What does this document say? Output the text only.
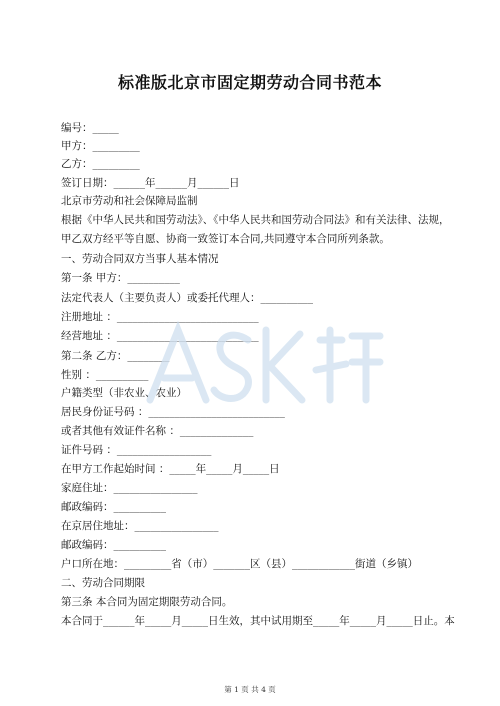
标准版北京市固定期劳动合同书范本
编号：_____
甲方：_________
乙方：_________
签订日期：______年______月______日
北京市劳动和社会保障局监制
根据《中华人民共和国劳动法》、《中华人民共和国劳动合同法》和有关法律、法规，
甲乙双方经平等自愿、协商一致签订本合同,共同遵守本合同所列条款。
一、劳动合同双方当事人基本情况
第一条 甲方：__________
法定代表人（主要负责人）或委托代理人：__________
注册地址 ：___________________________
经营地址 ：___________________________
第二条 乙方：________
性别 ：__________
户籍类型（非农业、农业）
居民身份证号码 ：__________________________
或者其他有效证件名称 ：______________
证件号码 ：__________________
在甲方工作起始时间 ：_____年_____月_____日
家庭住址：________________
邮政编码：__________
在京居住地址：________________
邮政编码：__________
户口所在地：_________省（市）_______区（县）____________街道（乡镇）
二、劳动合同期限
第三条 本合同为固定期限劳动合同。
本合同于______年_____月_____日生效，其中试用期至_____年_____月_____日止。本
第 1 页 共 4 页
